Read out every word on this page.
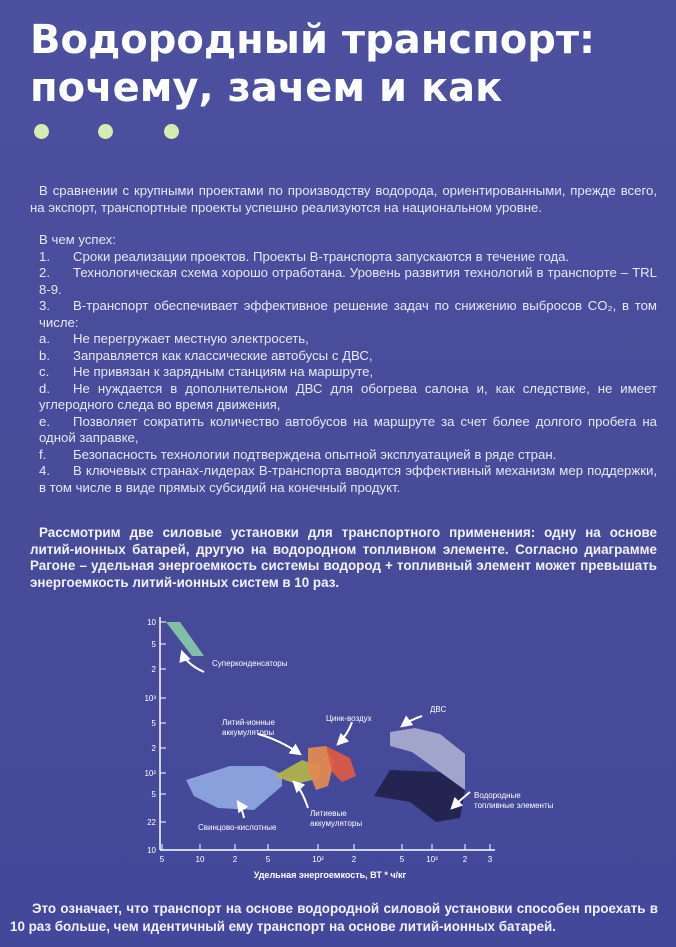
Водородный транспорт:
почему, зачем и как

В сравнении с крупными проектами по производству водорода, ориентированными, прежде всего, на экспорт, транспортные проекты успешно реализуются на национальном уровне.

В чем успех:

1. Сроки реализации проектов. Проекты В-транспорта запускаются в течение года.

2. Технологическая схема хорошо отработана. Уровень развития технологий в транспорте – TRL 8-9.

3. В-транспорт обеспечивает эффективное решение задач по снижению выбросов CO₂, в том числе:

a. Не перегружает местную электросеть,

b. Заправляется как классические автобусы с ДВС,

c. Не привязан к зарядным станциям на маршруте,

d. Не нуждается в дополнительном ДВС для обогрева салона и, как следствие, не имеет углеродного следа во время движения,

e. Позволяет сократить количество автобусов на маршруте за счет более долгого пробега на одной заправке,

f. Безопасность технологии подтверждена опытной эксплуатацией в ряде стран.

4. В ключевых странах-лидерах В-транспорта вводится эффективный механизм мер поддержки, в том числе в виде прямых субсидий на конечный продукт.

Рассмотрим две силовые установки для транспортного применения: одну на основе литий-ионных батарей, другую на водородном топливном элементе. Согласно диаграмме Рагоне – удельная энергоемкость системы водород + топливный элемент может превышать энергоемкость литий-ионных систем в 10 раз.

10
5
2
10³
5
2
10²
5
22
10
5	10	2	5	10²	2	5	10³	2	3
Удельная энергоемкость, ВТ * ч/кг
Суперконденсаторы
Литий-ионные
аккумуляторы
Цинк-воздух
ДВС
Литиевые
аккумуляторы
Свинцово-кислотные
Водородные
топливные элементы

Это означает, что транспорт на основе водородной силовой установки способен проехать в 10 раз больше, чем идентичный ему транспорт на основе литий-ионных батарей.
